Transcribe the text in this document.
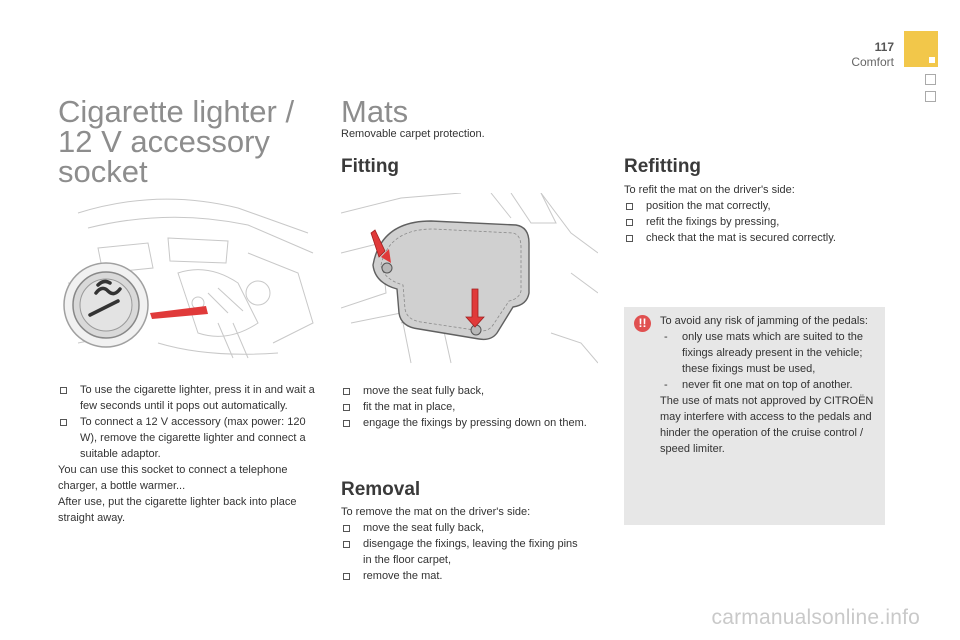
117
Comfort
Cigarette lighter /
12 V accessory
socket

To use the cigarette lighter, press it in and wait a few seconds until it pops out automatically.

To connect a 12 V accessory (max power: 120 W), remove the cigarette lighter and connect a suitable adaptor.

You can use this socket to connect a telephone charger, a bottle warmer...

After use, put the cigarette lighter back into place straight away.

Mats
Removable carpet protection.
Fitting

move the seat fully back,

fit the mat in place,

engage the fixings by pressing down on them.

Removal

To remove the mat on the driver's side:

move the seat fully back,

disengage the fixings, leaving the fixing pins in the floor carpet,

remove the mat.

Refitting

To refit the mat on the driver's side:

position the mat correctly,

refit the fixings by pressing,

check that the mat is secured correctly.

!!	To avoid any risk of jamming of the pedals:

- only use mats which are suited to the fixings already present in the vehicle; these fixings must be used,

- never fit one mat on top of another.

The use of mats not approved by CITROËN may interfere with access to the pedals and hinder the operation of the cruise control / speed limiter.

carmanualsonline.info
